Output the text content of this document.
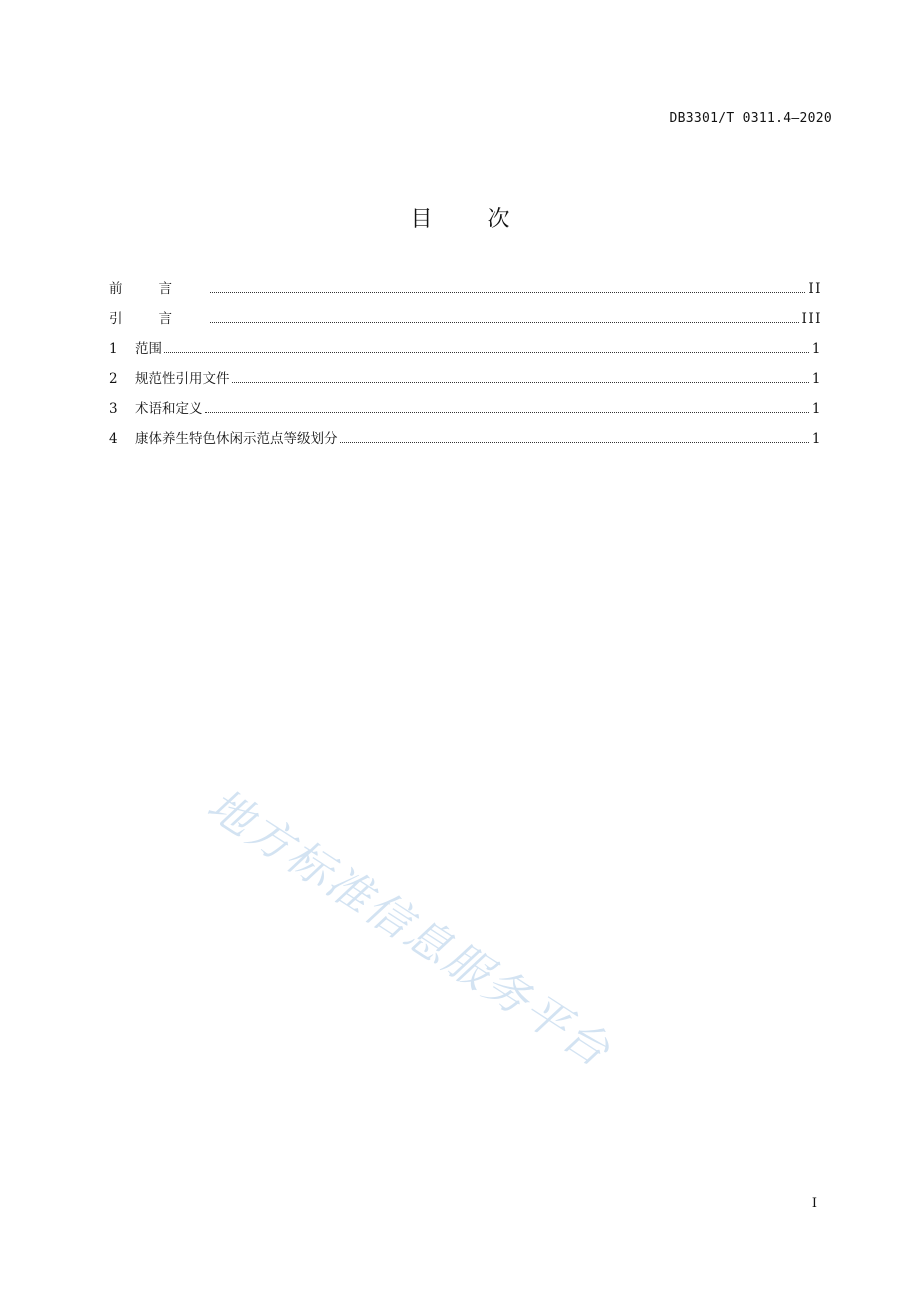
DB3301/T 0311.4—2020
目	次
前言	II
引言	III
1	范围	1
2	规范性引用文件	1
3	术语和定义	1
4	康体养生特色休闲示范点等级划分	1
地方标准信息服务平台
I
